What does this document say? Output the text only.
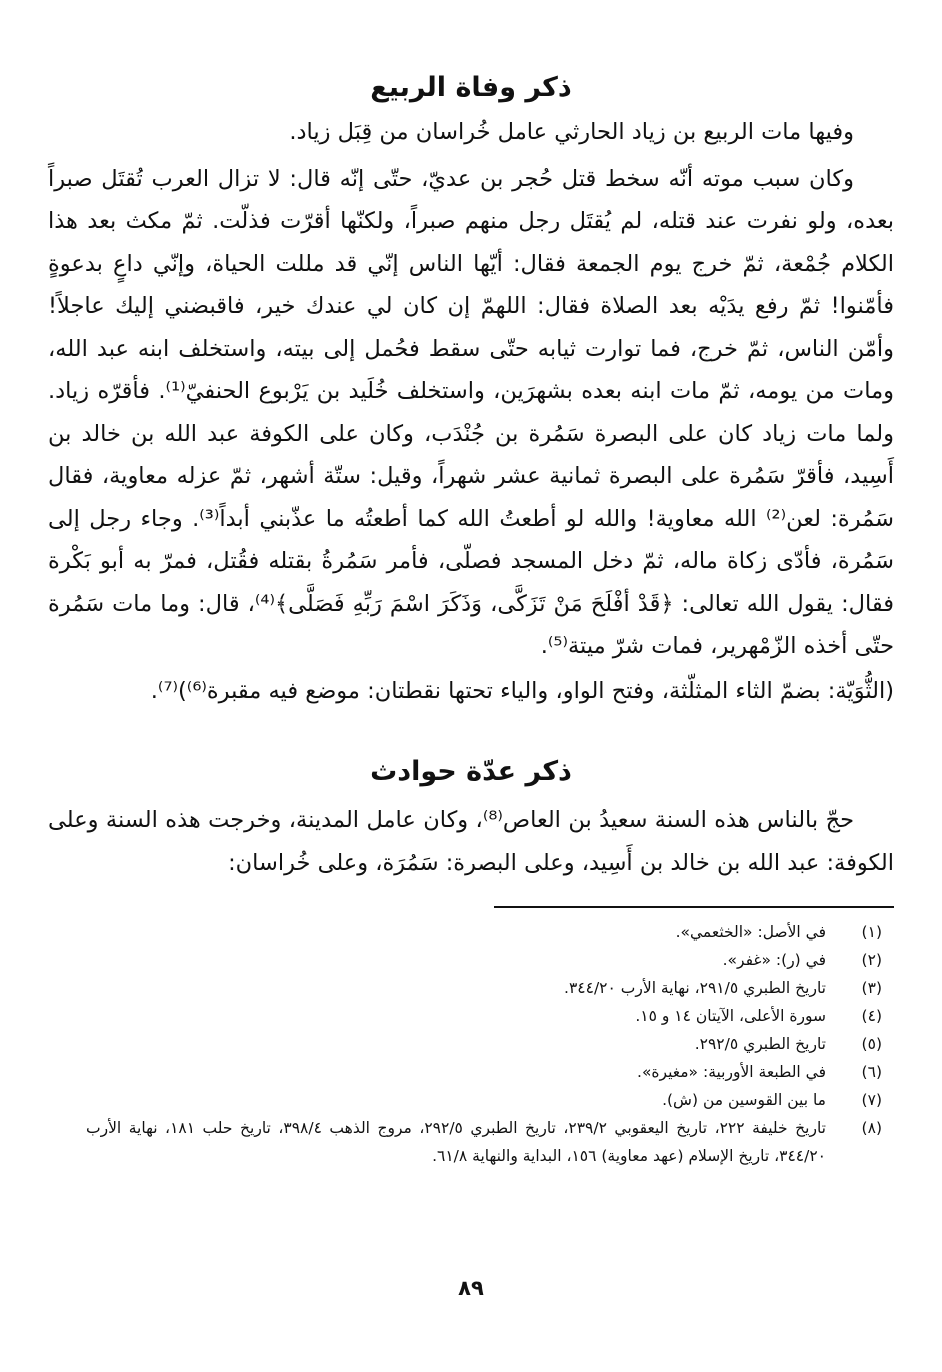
ذكر وفاة الربيع

وفيها مات الربيع بن زياد الحارثي عامل خُراسان من قِبَل زياد.

وكان سبب موته أنّه سخط قتل حُجر بن عديّ، حتّى إنّه قال: لا تزال العرب تُقتَل صبراً بعده، ولو نفرت عند قتله، لم يُقتَل رجل منهم صبراً، ولكنّها أقرّت فذلّت. ثمّ مكث بعد هذا الكلام جُمْعة، ثمّ خرج يوم الجمعة فقال: أيّها الناس إنّي قد مللت الحياة، وإنّي داعٍ بدعوةٍ فأمّنوا! ثمّ رفع يدَيْه بعد الصلاة فقال: اللهمّ إن كان لي عندك خير، فاقبضني إليك عاجلاً! وأمّن الناس، ثمّ خرج، فما توارت ثيابه حتّى سقط فحُمل إلى بيته، واستخلف ابنه عبد الله، ومات من يومه، ثمّ مات ابنه بعده بشهرَين، واستخلف خُلَيد بن يَرْبوع الحنفيّ⁽¹⁾. فأقرّه زياد. ولما مات زياد كان على البصرة سَمُرة بن جُنْدَب، وكان على الكوفة عبد الله بن خالد بن أَسِيد، فأقرّ سَمُرة على البصرة ثمانية عشر شهراً، وقيل: ستّة أشهر، ثمّ عزله معاوية، فقال سَمُرة: لعن⁽²⁾ الله معاوية! والله لو أطعتُ الله كما أطعتُه ما عذّبني أبداً⁽³⁾. وجاء رجل إلى سَمُرة، فأدّى زكاة ماله، ثمّ دخل المسجد فصلّى، فأمر سَمُرةُ بقتله فقُتل، فمرّ به أبو بَكْرة فقال: يقول الله تعالى: ﴿قَدْ أفْلَحَ مَنْ تَزَكَّى، وَذَكَرَ اسْمَ رَبِّهِ فَصَلَّى﴾⁽⁴⁾، قال: وما مات سَمُرة حتّى أخذه الزّمْهرير، فمات شرّ ميتة⁽⁵⁾.

(الثُّوَيّة: بضمّ الثاء المثلّثة، وفتح الواو، والياء تحتها نقطتان: موضع فيه مقبرة⁽⁶⁾)⁽⁷⁾.

ذكر عدّة حوادث

حجّ بالناس هذه السنة سعيدُ بن العاص⁽⁸⁾، وكان عامل المدينة، وخرجت هذه السنة وعلى الكوفة: عبد الله بن خالد بن أَسِيد، وعلى البصرة: سَمُرَة، وعلى خُراسان:

(١)
في الأصل: «الخثعمي».
(٢)
في (ر): «غفر».
(٣)
تاريخ الطبري ٢٩١/٥، نهاية الأرب ٣٤٤/٢٠.
(٤)
سورة الأعلى، الآيتان ١٤ و ١٥.
(٥)
تاريخ الطبري ٢٩٢/٥.
(٦)
في الطبعة الأوربية: «مغيرة».
(٧)
ما بين القوسين من (ش).
(٨)
تاريخ خليفة ٢٢٢، تاريخ اليعقوبي ٢٣٩/٢، تاريخ الطبري ٢٩٢/٥، مروج الذهب ٣٩٨/٤، تاريخ حلب ١٨١، نهاية الأرب ٣٤٤/٢٠، تاريخ الإسلام (عهد معاوية) ١٥٦، البداية والنهاية ٦١/٨.
٨٩
